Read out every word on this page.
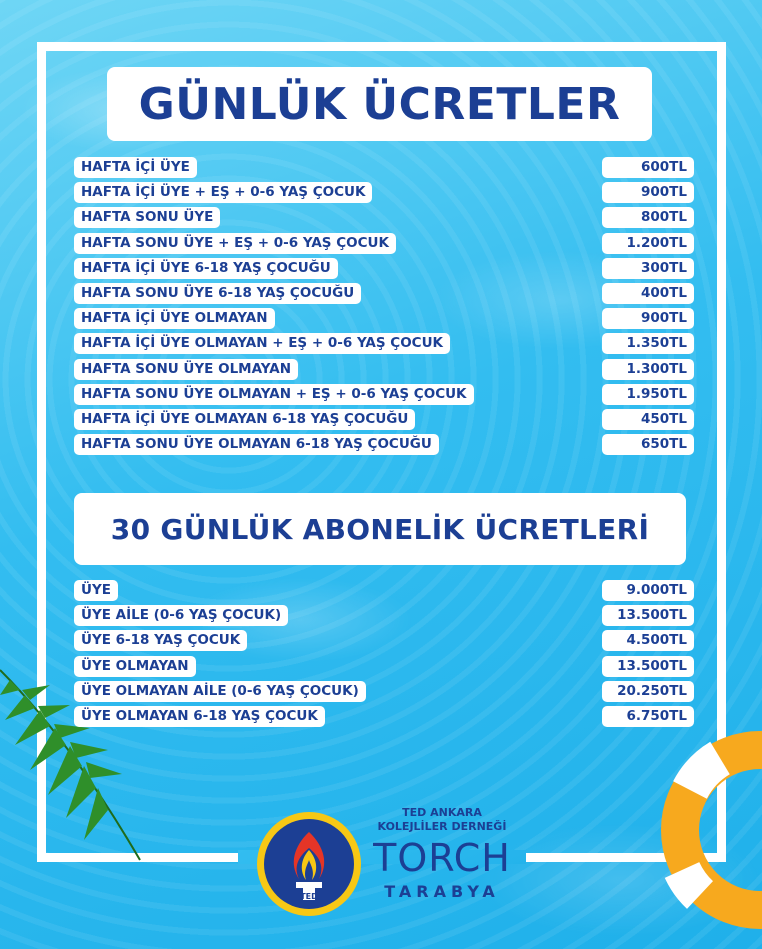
GÜNLÜK ÜCRETLER
HAFTA İÇİ ÜYE	600TL
HAFTA İÇİ ÜYE + EŞ + 0-6 YAŞ ÇOCUK	900TL
HAFTA SONU ÜYE	800TL
HAFTA SONU ÜYE + EŞ + 0-6 YAŞ ÇOCUK	1.200TL
HAFTA İÇİ ÜYE 6-18 YAŞ ÇOCUĞU	300TL
HAFTA SONU ÜYE 6-18 YAŞ ÇOCUĞU	400TL
HAFTA İÇİ ÜYE OLMAYAN	900TL
HAFTA İÇİ ÜYE OLMAYAN + EŞ + 0-6 YAŞ ÇOCUK	1.350TL
HAFTA SONU ÜYE OLMAYAN	1.300TL
HAFTA SONU ÜYE OLMAYAN + EŞ + 0-6 YAŞ ÇOCUK	1.950TL
HAFTA İÇİ ÜYE OLMAYAN 6-18 YAŞ ÇOCUĞU	450TL
HAFTA SONU ÜYE OLMAYAN 6-18 YAŞ ÇOCUĞU	650TL
30 GÜNLÜK ABONELİK ÜCRETLERİ
ÜYE	9.000TL
ÜYE AİLE (0-6 YAŞ ÇOCUK)	13.500TL
ÜYE 6-18 YAŞ ÇOCUK	4.500TL
ÜYE OLMAYAN	13.500TL
ÜYE OLMAYAN AİLE (0-6 YAŞ ÇOCUK)	20.250TL
ÜYE OLMAYAN 6-18 YAŞ ÇOCUK	6.750TL
TED
TED ANKARA
KOLEJLİLER DERNEĞİ
TORCH
TARABYA
